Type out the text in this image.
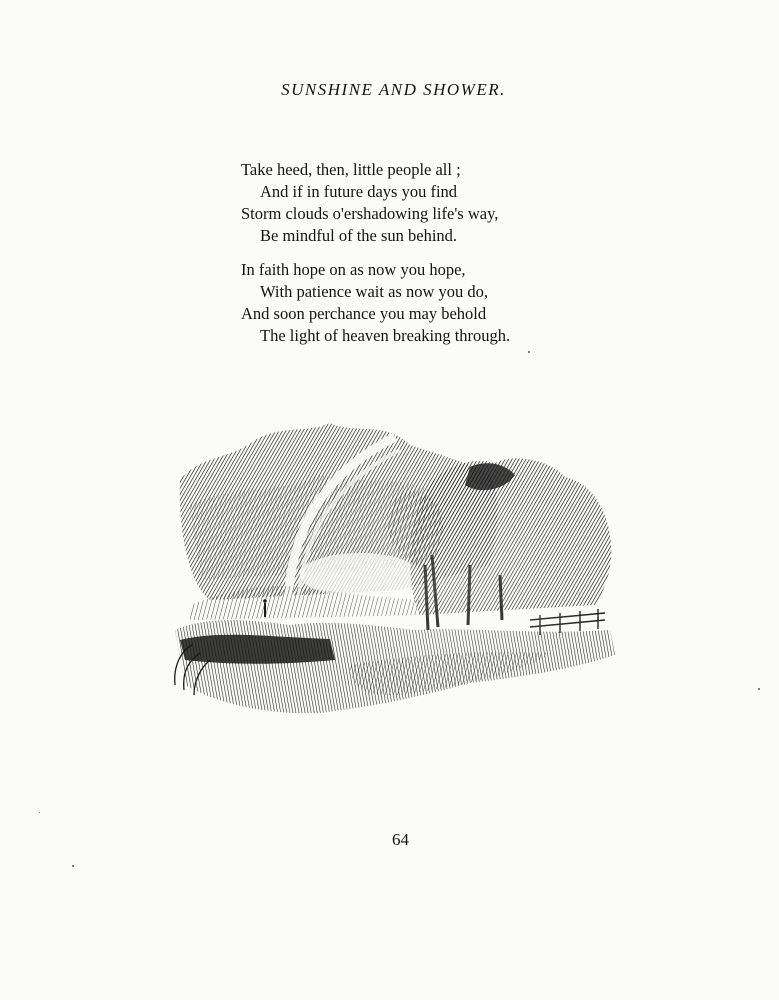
SUNSHINE AND SHOWER.
Take heed, then, little people all ;
And if in future days you find
Storm clouds o'ershadowing life's way,
Be mindful of the sun behind.
In faith hope on as now you hope,
With patience wait as now you do,
And soon perchance you may behold
The light of heaven breaking through.
64
